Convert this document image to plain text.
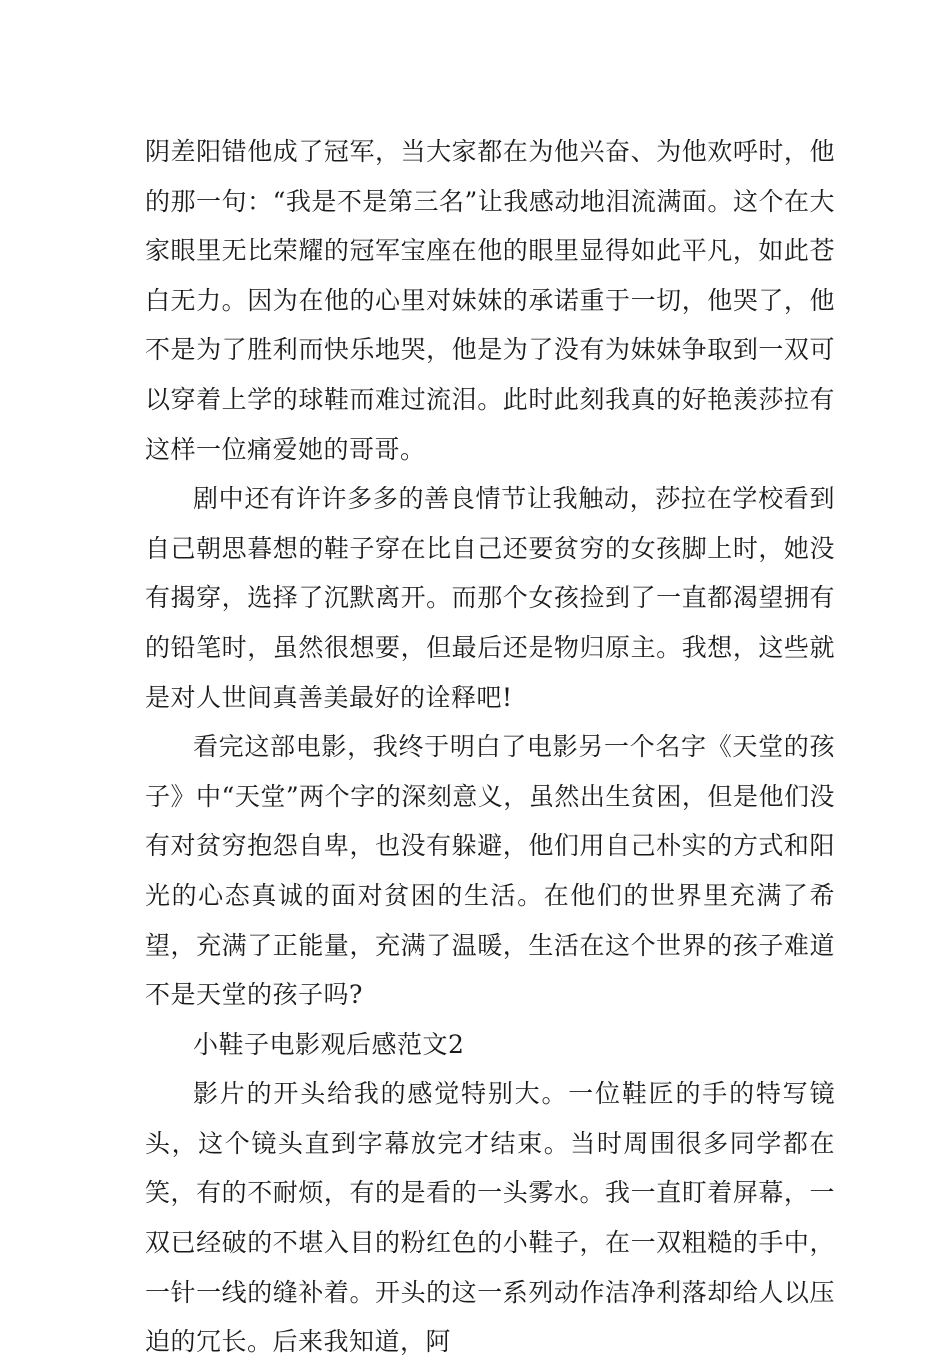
阴差阳错他成了冠军，当大家都在为他兴奋、为他欢呼时，他的那一句：“我是不是第三名”让我感动地泪流满面。这个在大家眼里无比荣耀的冠军宝座在他的眼里显得如此平凡，如此苍白无力。因为在他的心里对妹妹的承诺重于一切，他哭了，他不是为了胜利而快乐地哭，他是为了没有为妹妹争取到一双可以穿着上学的球鞋而难过流泪。此时此刻我真的好艳羡莎拉有这样一位痛爱她的哥哥。

剧中还有许许多多的善良情节让我触动，莎拉在学校看到自己朝思暮想的鞋子穿在比自己还要贫穷的女孩脚上时，她没有揭穿，选择了沉默离开。而那个女孩捡到了一直都渴望拥有的铅笔时，虽然很想要，但最后还是物归原主。我想，这些就是对人世间真善美最好的诠释吧!

看完这部电影，我终于明白了电影另一个名字《天堂的孩子》中“天堂”两个字的深刻意义，虽然出生贫困，但是他们没有对贫穷抱怨自卑，也没有躲避，他们用自己朴实的方式和阳光的心态真诚的面对贫困的生活。在他们的世界里充满了希望，充满了正能量，充满了温暖，生活在这个世界的孩子难道不是天堂的孩子吗?

小鞋子电影观后感范文2

影片的开头给我的感觉特别大。一位鞋匠的手的特写镜头，这个镜头直到字幕放完才结束。当时周围很多同学都在笑，有的不耐烦，有的是看的一头雾水。我一直盯着屏幕，一双已经破的不堪入目的粉红色的小鞋子，在一双粗糙的手中，一针一线的缝补着。开头的这一系列动作洁净利落却给人以压迫的冗长。后来我知道，阿
